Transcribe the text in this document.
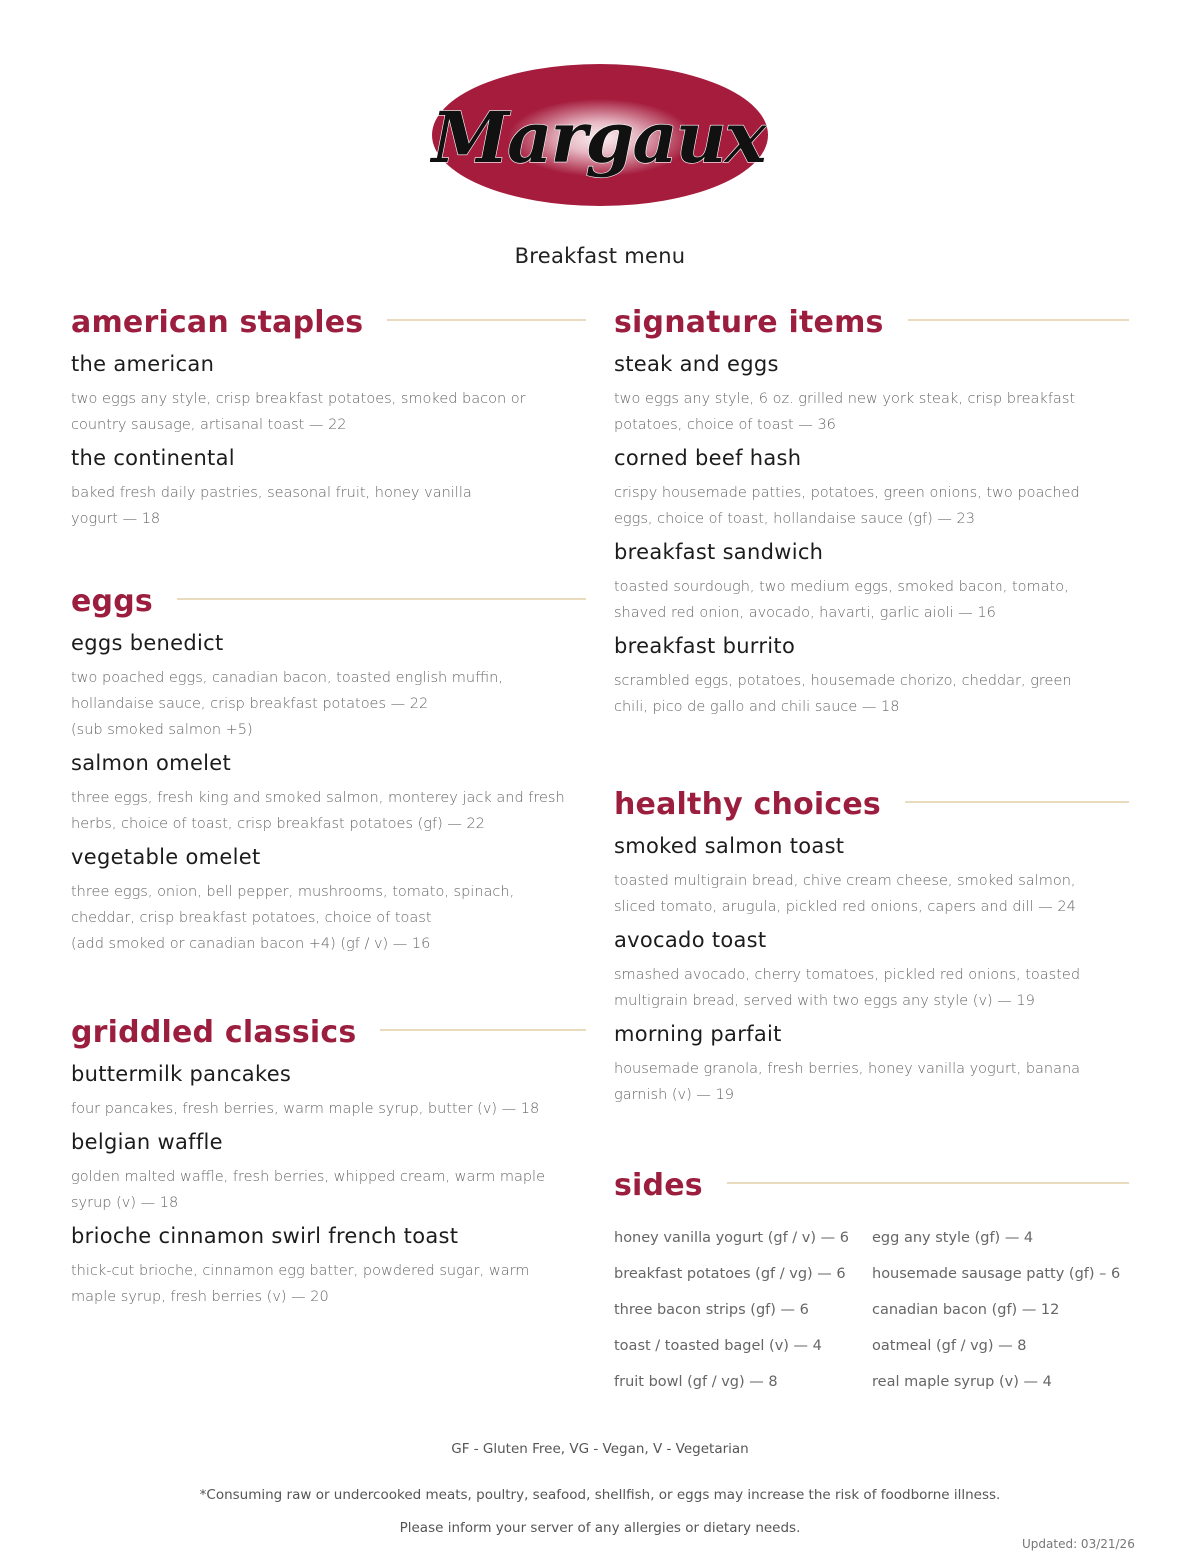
Margaux
Breakfast menu
american staples
the american
two eggs any style, crisp breakfast potatoes, smoked bacon or
country sausage, artisanal toast — 22
the continental
baked fresh daily pastries, seasonal fruit, honey vanilla
yogurt — 18
eggs
eggs benedict
two poached eggs, canadian bacon, toasted english muffin,
hollandaise sauce, crisp breakfast potatoes — 22
(sub smoked salmon +5)
salmon omelet
three eggs, fresh king and smoked salmon, monterey jack and fresh
herbs, choice of toast, crisp breakfast potatoes (gf) — 22
vegetable omelet
three eggs, onion, bell pepper, mushrooms, tomato, spinach,
cheddar, crisp breakfast potatoes, choice of toast
(add smoked or canadian bacon +4) (gf / v) — 16
griddled classics
buttermilk pancakes
four pancakes, fresh berries, warm maple syrup, butter (v) — 18
belgian waffle
golden malted waffle, fresh berries, whipped cream, warm maple
syrup (v) — 18
brioche cinnamon swirl french toast
thick-cut brioche, cinnamon egg batter, powdered sugar, warm
maple syrup, fresh berries (v) — 20
signature items
steak and eggs
two eggs any style, 6 oz. grilled new york steak, crisp breakfast
potatoes, choice of toast — 36
corned beef hash
crispy housemade patties, potatoes, green onions, two poached
eggs, choice of toast, hollandaise sauce (gf) — 23
breakfast sandwich
toasted sourdough, two medium eggs, smoked bacon, tomato,
shaved red onion, avocado, havarti, garlic aioli — 16
breakfast burrito
scrambled eggs, potatoes, housemade chorizo, cheddar, green
chili, pico de gallo and chili sauce — 18
healthy choices
smoked salmon toast
toasted multigrain bread, chive cream cheese, smoked salmon,
sliced tomato, arugula, pickled red onions, capers and dill — 24
avocado toast
smashed avocado, cherry tomatoes, pickled red onions, toasted
multigrain bread, served with two eggs any style (v) — 19
morning parfait
housemade granola, fresh berries, honey vanilla yogurt, banana
garnish (v) — 19
sides
honey vanilla yogurt (gf / v) — 6	egg any style (gf) — 4
breakfast potatoes (gf / vg) — 6	housemade sausage patty (gf) – 6
three bacon strips (gf) — 6	canadian bacon (gf) — 12
toast / toasted bagel (v) — 4	oatmeal (gf / vg) — 8
fruit bowl (gf / vg) — 8	real maple syrup (v) — 4
GF - Gluten Free, VG - Vegan, V - Vegetarian
*Consuming raw or undercooked meats, poultry, seafood, shellfish, or eggs may increase the risk of foodborne illness.
Please inform your server of any allergies or dietary needs.
Updated: 03/21/26
